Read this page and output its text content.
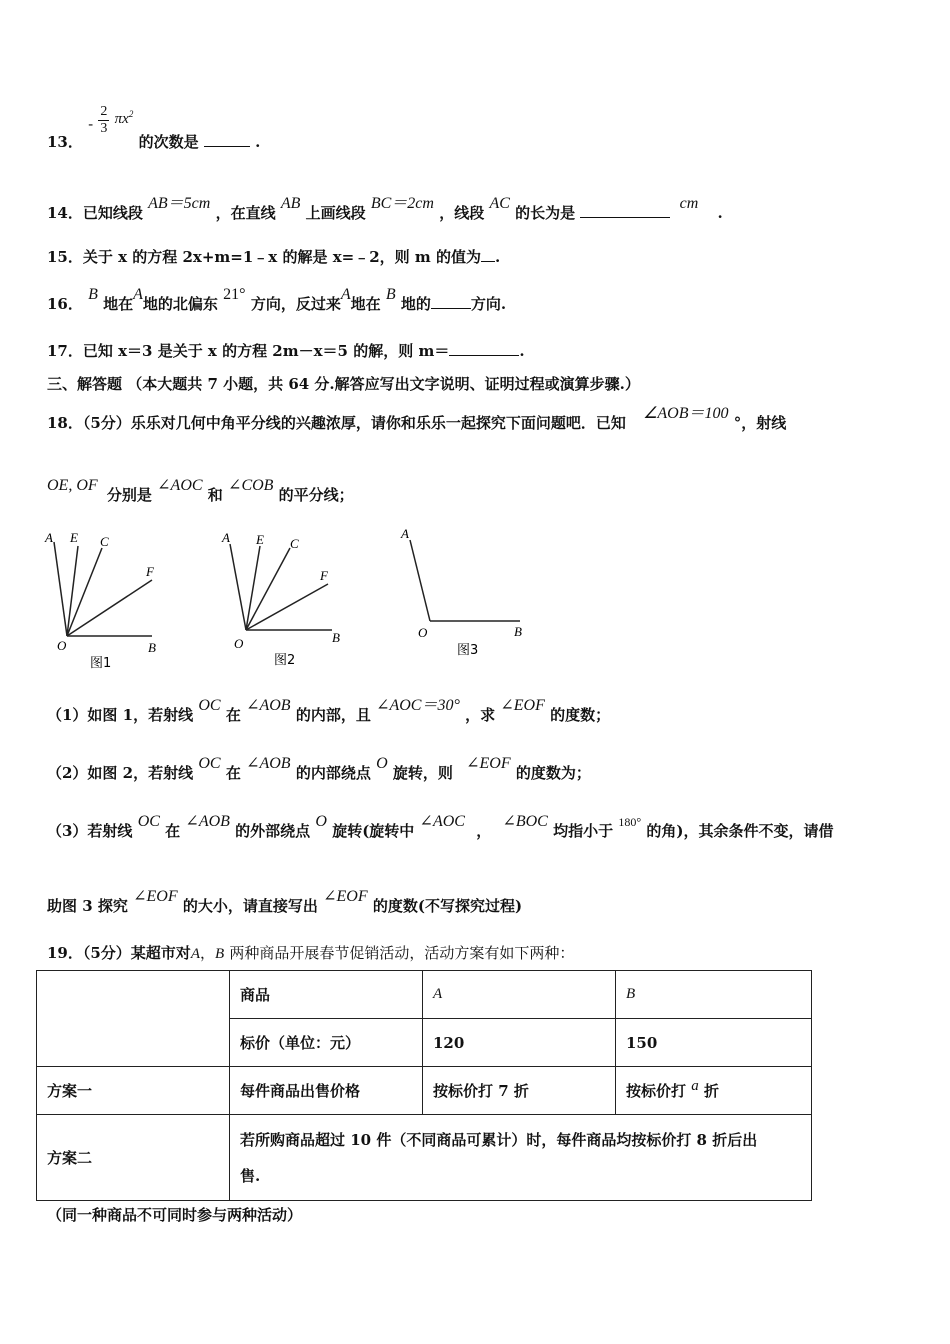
13． - $\frac{2}{3} \pi x^2$ 的次数是	.
14．已知线段 AB＝5cm ，在直线 AB 上画线段 BC＝2cm ，线段 AC 的长为是  cm .
15．关于 x 的方程 2x+m=1﹣x 的解是 x=﹣2，则 m 的值为 .
16． B 地在A地的北偏东 21° 方向，反过来A地在 B 地的	方向.
17．已知 x＝3 是关于 x 的方程 2m－x＝5 的解，则 m＝	.
三、解答题 （本大题共 7 小题，共 64 分.解答应写出文字说明、证明过程或演算步骤.）
18．（5分）乐乐对几何中角平分线的兴趣浓厚，请你和乐乐一起探究下面问题吧．已知 ∠AOB＝100 °，射线
OE, OF 分别是 ∠AOC 和 ∠COB 的平分线；
A E C
F
O	B
图1
A E C
F
O	B
图2
A
O	B
图3
（1）如图 1，若射线 OC 在 ∠AOB 的内部，且 ∠AOC＝30° ，求 ∠EOF 的度数；
（2）如图 2，若射线 OC 在 ∠AOB 的内部绕点 O 旋转，则 ∠EOF 的度数为；
（3）若射线 OC 在 ∠AOB 的外部绕点 O 旋转(旋转中 ∠AOC ， ∠BOC 均指小于 $^{180^\circ}$ 的角)，其余条件不变，请借
助图 3 探究 ∠EOF 的大小，请直接写出 ∠EOF 的度数(不写探究过程)
19．（5分）某超市对A，B 两种商品开展春节促销活动，活动方案有如下两种：
	商品	A	B
	标价（单位：元）	120	150
方案一	每件商品出售价格	按标价打 7 折	按标价打 a 折
方案二	若所购商品超过 10 件（不同商品可累计）时，每件商品均按标价打 8 折后出
售.		
（同一种商品不可同时参与两种活动）
